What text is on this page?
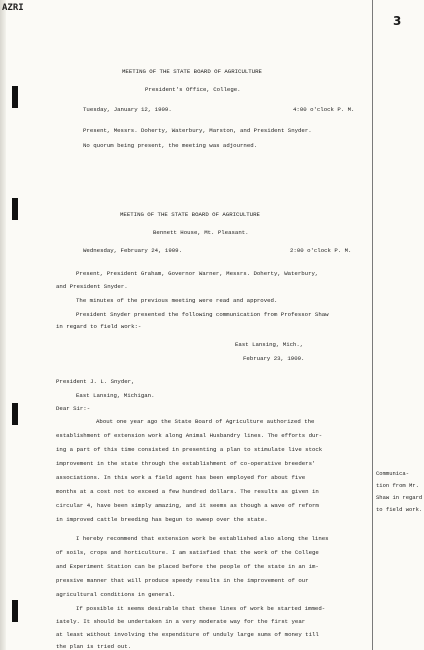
AZRI
3
MEETING OF THE STATE BOARD OF AGRICULTURE
President's Office, College.
Tuesday, January 12, 1909.	4:00 o'clock P. M.
Present, Messrs. Doherty, Waterbury, Marston, and President Snyder.
No quorum being present, the meeting was adjourned.
MEETING OF THE STATE BOARD OF AGRICULTURE
Bennett House, Mt. Pleasant.
Wednesday, February 24, 1909.	2:00 o'clock P. M.
Present, President Graham, Governor Warner, Messrs. Doherty, Waterbury,
and President Snyder.
The minutes of the previous meeting were read and approved.
President Snyder presented the following communication from Professor Shaw
in regard to field work:-
East Lansing, Mich.,
February 23, 1909.
President J. L. Snyder,
East Lansing, Michigan.
Dear Sir:-
About one year ago the State Board of Agriculture authorized the
establishment of extension work along Animal Husbandry lines. The efforts dur-
ing a part of this time consisted in presenting a plan to stimulate live stock
improvement in the state through the establishment of co-operative breeders'
associations. In this work a field agent has been employed for about five
months at a cost not to exceed a few hundred dollars. The results as given in
circular 4, have been simply amazing, and it seems as though a wave of reform
in improved cattle breeding has begun to sweep over the state.
I hereby recommend that extension work be established also along the lines
of soils, crops and horticulture. I am satisfied that the work of the College
and Experiment Station can be placed before the people of the state in an im-
pressive manner that will produce speedy results in the improvement of our
agricultural conditions in general.
If possible it seems desirable that these lines of work be started immed-
iately. It should be undertaken in a very moderate way for the first year
at least without involving the expenditure of unduly large sums of money till
the plan is tried out.
Communica- tion from Mr. Shaw in regard to field work.
